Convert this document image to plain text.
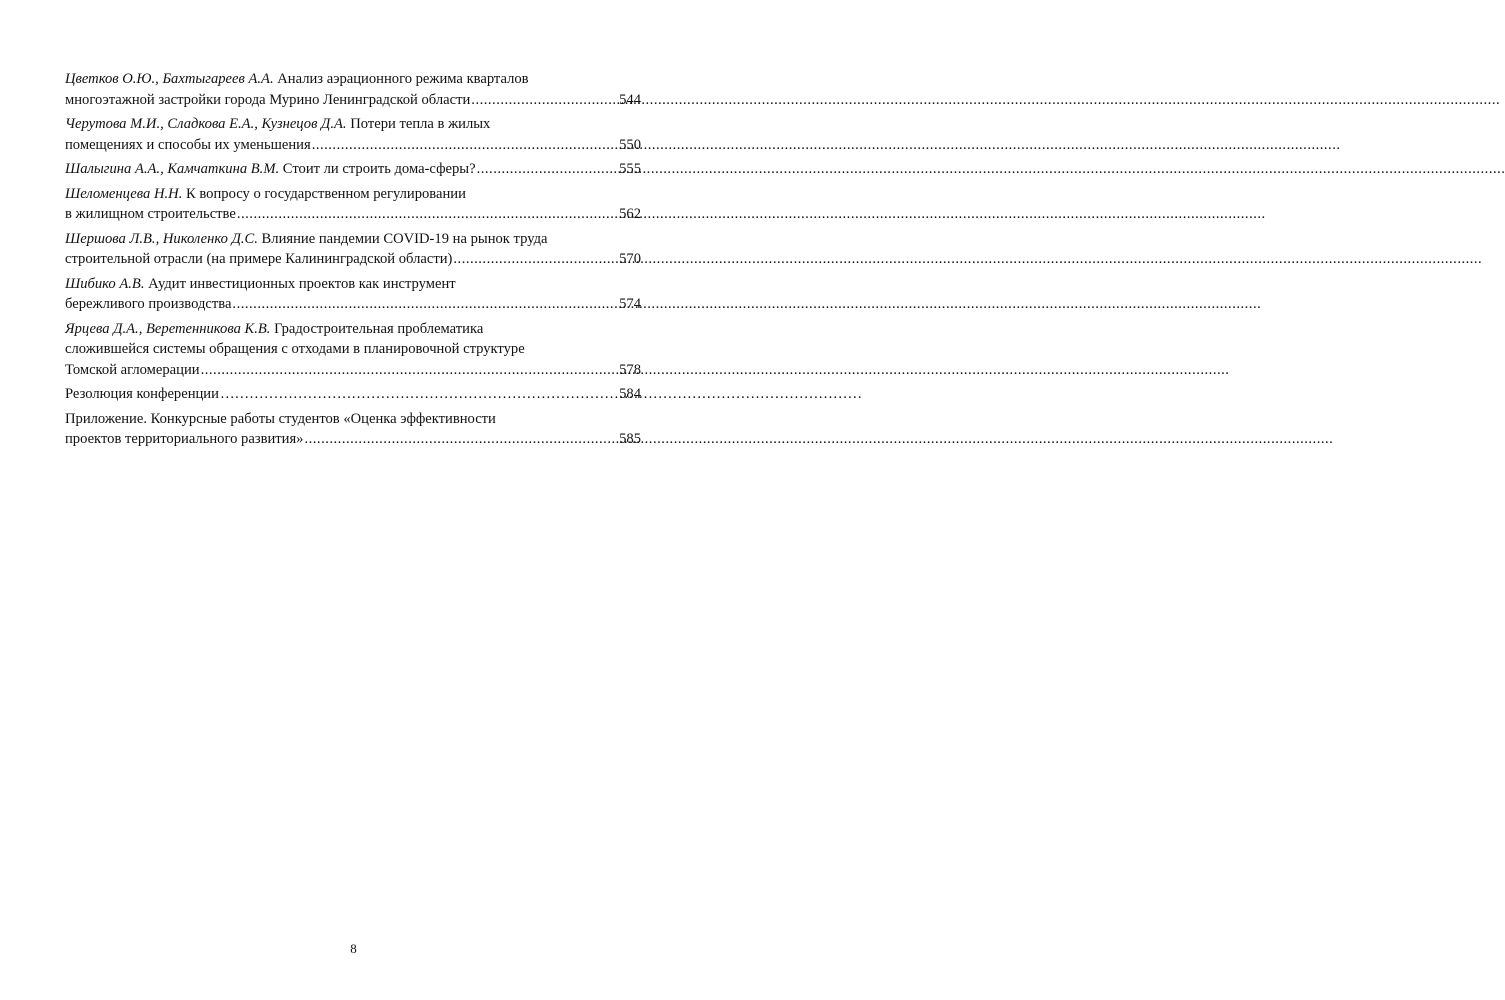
Цветков О.Ю., Бахтыгареев А.А. Анализ аэрационного режима кварталов
многоэтажной застройки города Мурино Ленинградской области .....	544
Черутова М.И., Сладкова Е.А., Кузнецов Д.А. Потери тепла в жилых
помещениях и способы их уменьшения .....	550
Шалыгина А.А., Камчаткина В.М. Стоит ли строить дома-сферы? .....	555
Шеломенцева Н.Н. К вопросу о государственном регулировании
в жилищном строительстве .....	562
Шершова Л.В., Николенко Д.С. Влияние пандемии COVID-19 на рынок труда
строительной отрасли (на примере Калининградской области) .....	570
Шибико А.В. Аудит инвестиционных проектов как инструмент
бережливого производства .....	574
Ярцева Д.А., Веретенникова К.В. Градостроительная проблематика
сложившейся системы обращения с отходами в планировочной структуре
Томской агломерации .....	578
Резолюция конференции ……………………………………………………………………………………………………………………	584
Приложение. Конкурсные работы студентов «Оценка эффективности
проектов территориального развития» .....	585
8
